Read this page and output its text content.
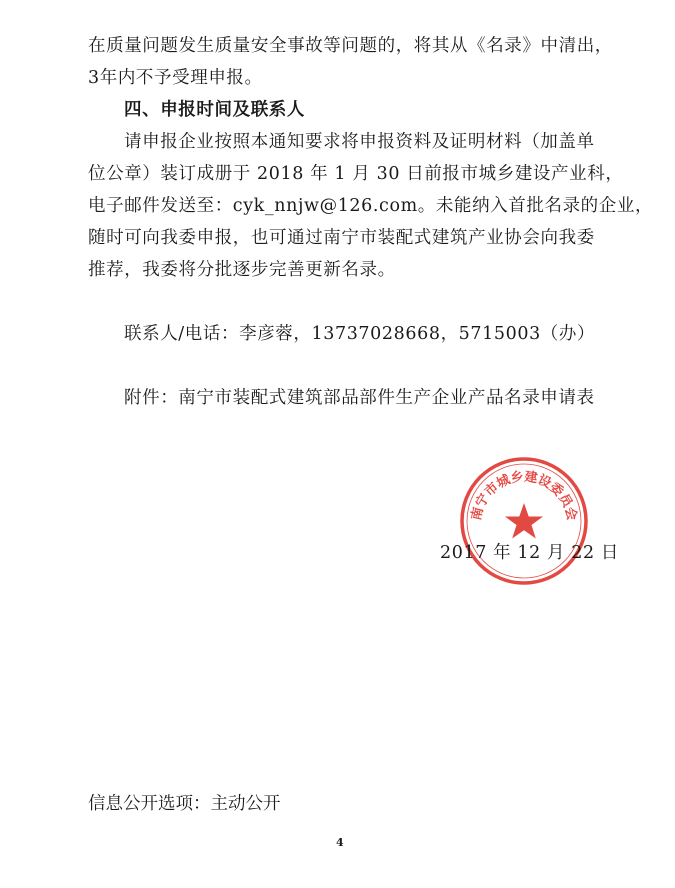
在质量问题发生质量安全事故等问题的，将其从《名录》中清出，
3年内不予受理申报。
四、申报时间及联系人
请申报企业按照本通知要求将申报资料及证明材料（加盖单
位公章）装订成册于 2018 年 1 月 30 日前报市城乡建设产业科，
电子邮件发送至：cyk_nnjw@126.com。未能纳入首批名录的企业，
随时可向我委申报，也可通过南宁市装配式建筑产业协会向我委
推荐，我委将分批逐步完善更新名录。
联系人/电话：李彦蓉，13737028668，5715003（办）
附件：南宁市装配式建筑部品部件生产企业产品名录申请表
南宁市城乡建设委员会
2017 年 12 月 22 日
信息公开选项：主动公开
4
